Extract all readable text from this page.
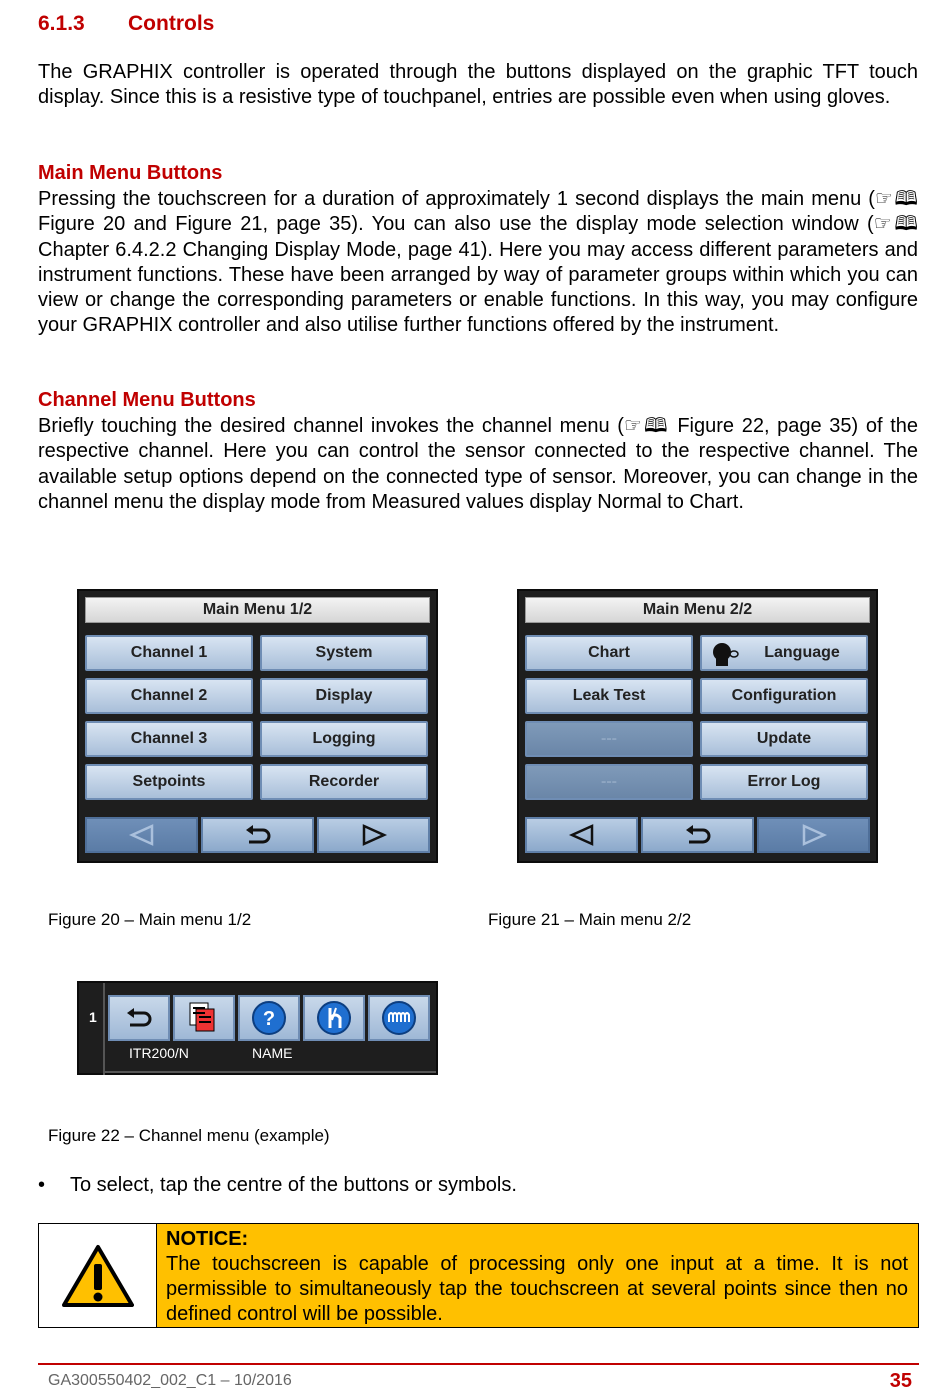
6.1.3 Controls
The GRAPHIX controller is operated through the buttons displayed on the graphic TFT touch display. Since this is a resistive type of touchpanel, entries are possible even when using gloves.
Main Menu Buttons
Pressing the touchscreen for a duration of approximately 1 second displays the main menu (☞🕮 Figure 20 and Figure 21, page 35). You can also use the display mode selection window (☞🕮 Chapter 6.4.2.2 Changing Display Mode, page 41). Here you may access different parameters and instrument functions. These have been arranged by way of parameter groups within which you can view or change the corresponding parameters or enable functions. In this way, you may configure your GRAPHIX controller and also utilise further functions offered by the instrument.
Channel Menu Buttons
Briefly touching the desired channel invokes the channel menu (☞🕮 Figure 22, page 35) of the respective channel. Here you can control the sensor connected to the respective channel. The available setup options depend on the connected type of sensor. Moreover, you can change in the channel menu the display mode from Measured values display Normal to Chart.
Main Menu 1/2
Channel 1	System
Channel 2	Display
Channel 3	Logging
Setpoints	Recorder
Main Menu 2/2
Chart	Language
Leak Test	Configuration
---	Update
---	Error Log
Figure 20 – Main menu 1/2	Figure 21 – Main menu 2/2
1	?
ITR200/N	NAME
Figure 22 – Channel menu (example)
• To select, tap the centre of the buttons or symbols.
NOTICE:
The touchscreen is capable of processing only one input at a time. It is not permissible to simultaneously tap the touchscreen at several points since then no defined control will be possible.
GA300550402_002_C1 – 10/2016	35
